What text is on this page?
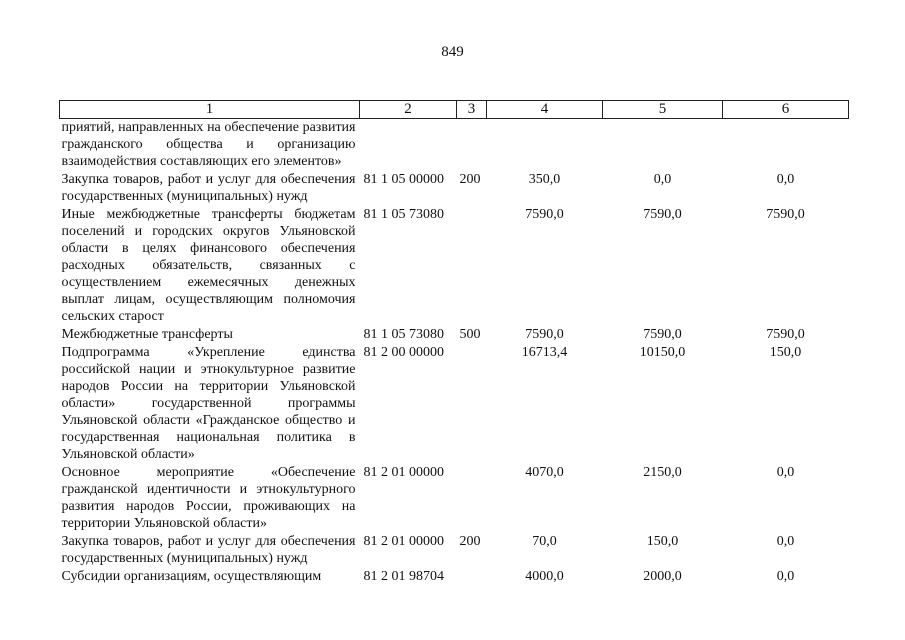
849
1	2	3	4	5	6
приятий, направленных на обеспечение развития гражданского общества и организацию взаимодействия составляющих его элементов»					
Закупка товаров, работ и услуг для обеспечения государственных (муниципальных) нужд	81 1 05 00000	200	350,0	0,0	0,0
Иные межбюджетные трансферты бюджетам поселений и городских округов Ульяновской области в целях финансового обеспечения расходных обязательств, связанных с осуществлением ежемесячных денежных выплат лицам, осуществляющим полномочия сельских старост	81 1 05 73080		7590,0	7590,0	7590,0
Межбюджетные трансферты	81 1 05 73080	500	7590,0	7590,0	7590,0
Подпрограмма «Укрепление единства российской нации и этнокультурное развитие народов России на территории Ульяновской области» государственной программы Ульяновской области «Гражданское общество и государственная национальная политика в Ульяновской области»	81 2 00 00000		16713,4	10150,0	150,0
Основное мероприятие «Обеспечение гражданской идентичности и этнокультурного развития народов России, проживающих на территории Ульяновской области»	81 2 01 00000		4070,0	2150,0	0,0
Закупка товаров, работ и услуг для обеспечения государственных (муниципальных) нужд	81 2 01 00000	200	70,0	150,0	0,0
Субсидии организациям, осуществляющим	81 2 01 98704		4000,0	2000,0	0,0
